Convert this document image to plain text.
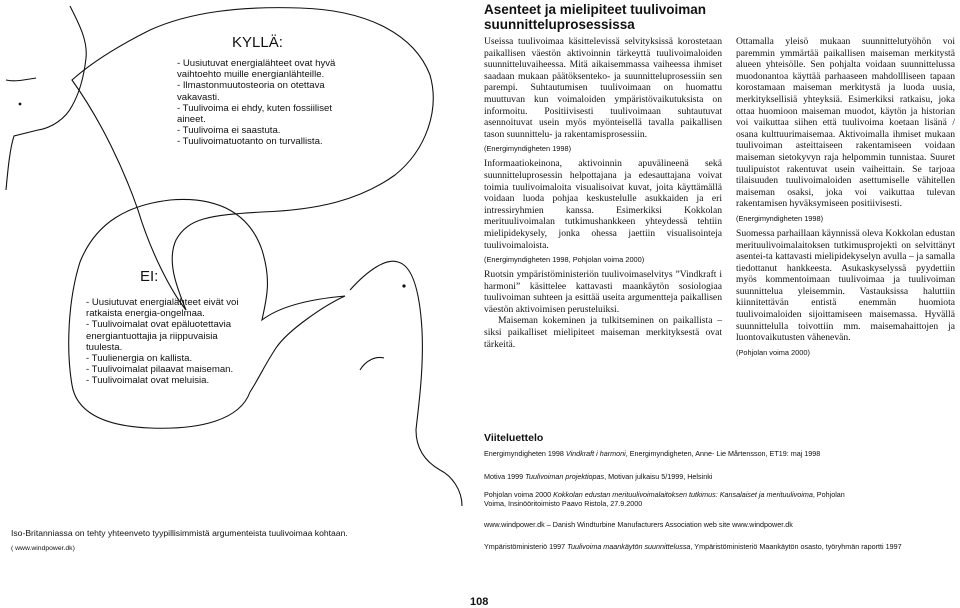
KYLLÄ:
- Uusiutuvat energialähteet ovat hyvä vaihtoehto muille energianlähteille.
- Ilmastonmuutosteoria on otettava vakavasti.
- Tuulivoima ei ehdy, kuten fossiiliset aineet.
- Tuulivoima ei saastuta.
- Tuulivoimatuotanto on turvallista.
EI:
- Uusiutuvat energialähteet eivät voi ratkaista energia-ongelmaa.
- Tuulivoimalat ovat epäluotettavia energiantuottajia ja riippuvaisia tuulesta.
- Tuulienergia on kallista.
- Tuulivoimalat pilaavat maiseman.
- Tuulivoimalat ovat meluisia.
Iso-Britanniassa on tehty yhteenveto tyypillisimmistä argumenteista tuulivoimaa kohtaan.
( www.windpower.dk)
Asenteet ja mielipiteet tuulivoiman suunnitteluprosessissa

Useissa tuulivoimaa käsittelevissä selvityksissä korostetaan paikallisen väestön aktivoinnin tärkeyttä tuulivoimaloiden suunnitteluvaiheessa. Mitä aikaisemmassa vaiheessa ihmiset saadaan mukaan päätöksenteko- ja suunnitteluprosessiin sen parempi. Suhtautumisen tuulivoimaan on huomattu muuttuvan kun voimaloiden ympäristövaikutuksista on informoitu. Positiivisesti tuulivoimaan suhtautuvat asennoituvat usein myös myönteisellä tavalla paikallisen tason suunnittelu- ja rakentamisprosessiin.

(Energimyndigheten 1998)

Informaatiokeinona, aktivoinnin apuvälineenä sekä suunnitteluprosessin helpottajana ja edesauttajana voivat toimia tuulivoimaloita visualisoivat kuvat, joita käyttämällä voidaan luoda pohjaa keskustelulle asukkaiden ja eri intressiryhmien kanssa. Esimerkiksi Kokkolan merituulivoimalan tutkimushankkeen yhteydessä tehtiin mielipidekysely, jonka ohessa jaettiin visualisointeja tuulivoimaloista.

(Energimyndigheten 1998, Pohjolan voima 2000)

Ruotsin ympäristöministeriön tuulivoimaselvitys ”Vindkraft i harmoni” käsittelee kattavasti maankäytön sosiologiaa tuulivoiman suhteen ja esittää useita argumentteja paikallisen väestön aktivoimisen perusteluiksi.

Maiseman kokeminen ja tulkitseminen on paikallista – siksi paikalliset mielipiteet maiseman merkityksestä ovat tärkeitä.

Ottamalla yleisö mukaan suunnittelutyöhön voi paremmin ymmärtää paikallisen maiseman merkitystä alueen yhteisölle. Sen pohjalta voidaan suunnittelussa muodonantoa käyttää parhaaseen mahdollliseen tapaan korostamaan maiseman merkitystä ja luoda uusia, merkityksellisiä yhteyksiä. Esimerkiksi ratkaisu, joka ottaa huomioon maiseman muodot, käytön ja historian voi vaikuttaa siihen että tuulivoima koetaan lisänä / osana kulttuurimaisemaa. Aktivoimalla ihmiset mukaan tuulivoiman asteittaiseen rakentamiseen voidaan maiseman sietokyvyn raja helpommin tunnistaa. Suuret tuulipuistot rakentuvat usein vaiheittain. Se tarjoaa tilaisuuden tuulivoimaloiden asettumiselle vähitellen maiseman osaksi, joka voi vaikuttaa tulevan rakentamisen hyväksymiseen positiivisesti.

(Energimyndigheten 1998)

Suomessa parhaillaan käynnissä oleva Kokkolan edustan merituulivoimalaitoksen tutkimusprojekti on selvittänyt asentei-ta kattavasti mielipidekyselyn avulla – ja samalla tiedottanut hankkeesta. Asukaskyselyssä pyydettiin myös kommentoimaan tuulivoimaa ja tuulivoiman suunnittelua yleisemmin. Vastauksissa haluttiin kiinnitettävän entistä enemmän huomiota tuulivoimaloiden sijoittamiseen maisemassa. Hyvällä suunnittelulla toivottiin mm. maisemahaittojen ja luontovaikutusten vähenevän.

(Pohjolan voima 2000)
Viiteluettelo
Energimyndigheten 1998 Vindkraft i harmoni, Energimyndigheten, Anne- Lie Mårtensson, ET19: maj 1998
Motiva 1999 Tuulivoiman projektiopas, Motivan julkaisu 5/1999, Helsinki
Pohjolan voima 2000 Kokkolan edustan merituulivoimalaitoksen tutkimus: Kansalaiset ja merituulivoima, Pohjolan Voima, Insinööritoimisto Paavo Ristola, 27.9.2000
www.windpower.dk – Danish Windturbine Manufacturers Association web site www.windpower.dk
Ympäristöministeriö 1997 Tuulivoima maankäytön suunnittelussa, Ympäristöministeriö Maankäytön osasto, työryhmän raportti 1997
108
